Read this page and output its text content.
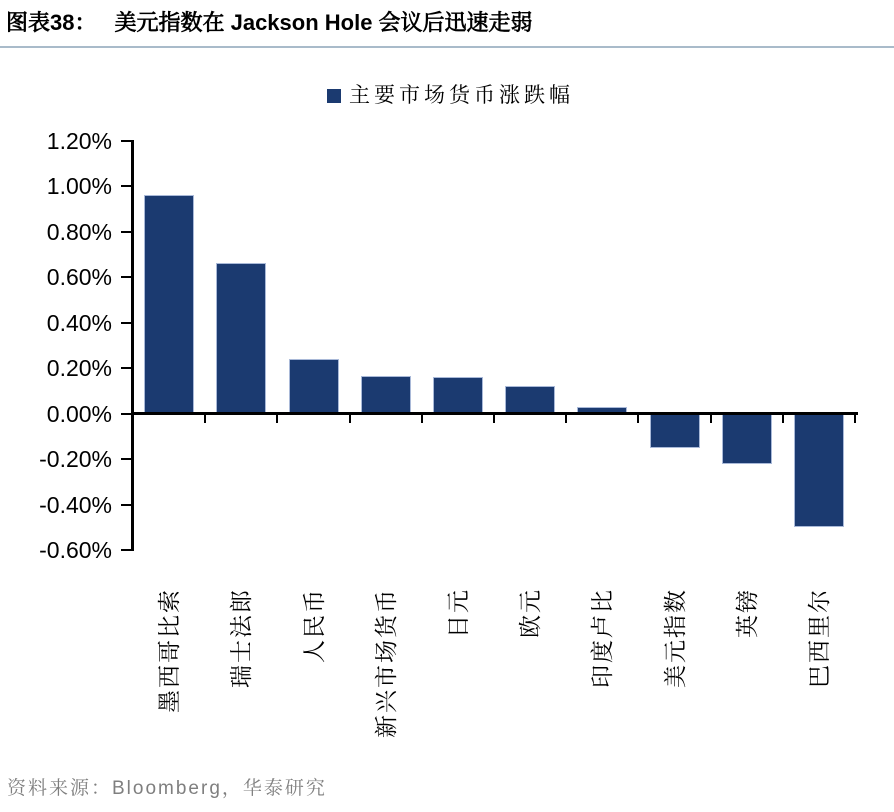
图表38： 美元指数在 Jackson Hole 会议后迅速走弱
主要市场货币涨跌幅
1.20%
1.00%
0.80%
0.60%
0.40%
0.20%
0.00%
-0.20%
-0.40%
-0.60%
墨西哥比索 瑞士法郎 人民币 新兴市场货币 日元 欧元 印度卢比 美元指数 英镑 巴西里尔
资料来源：Bloomberg，华泰研究
